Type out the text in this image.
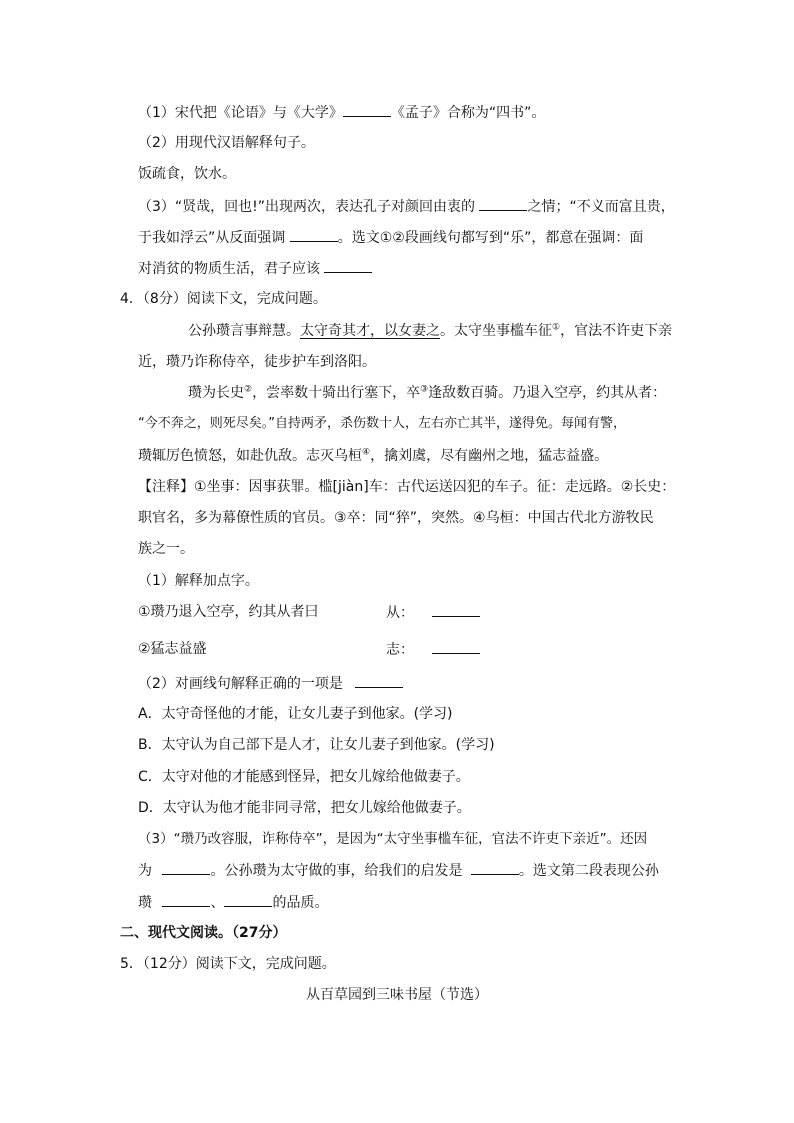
（1）宋代把《论语》与《大学》	《孟子》合称为“四书”。
（2）用现代汉语解释句子。
饭疏食，饮水。
（3）“贤哉，回也!”出现两次，表达孔子对颜回由衷的	之情；“不义而富且贵，
于我如浮云”从反面强调	。选文①②段画线句都写到“乐”，都意在强调：面
对消贫的物质生活，君子应该
4．（8分）阅读下文，完成问题。
公孙瓒言事辩慧。太守奇其才，以女妻之。太守坐事槛车征①，官法不许吏下亲
近，瓒乃诈称侍卒，徒步护车到洛阳。
瓒为长史②，尝率数十骑出行塞下，卒③逢敌数百骑。乃退入空亭，约其从者：
“今不奔之，则死尽矣。”自持两矛，杀伤数十人，左右亦亡其半，遂得免。每闻有警，
瓒辄厉色愤怒，如赴仇敌。志灭乌桓④，擒刘虞，尽有幽州之地，猛志益盛。
【注释】①坐事：因事获罪。槛[jiàn]车：古代运送囚犯的车子。征：走远路。②长史：
职官名，多为幕僚性质的官员。③卒：同“猝”，突然。④乌桓：中国古代北方游牧民
族之一。
（1）解释加点字。
①瓒乃退入空亭，约其从者曰	从：
②猛志益盛	志：
（2）对画线句解释正确的一项是
A．太守奇怪他的才能，让女儿妻子到他家。(学习)
B．太守认为自己部下是人才，让女儿妻子到他家。(学习)
C．太守对他的才能感到怪异，把女儿嫁给他做妻子。
D．太守认为他才能非同寻常，把女儿嫁给他做妻子。
（3）“瓒乃改容服，诈称侍卒”，是因为“太守坐事槛车征，官法不许吏下亲近”。还因
为	。公孙瓒为太守做的事，给我们的启发是	。选文第二段表现公孙
瓒	、	的品质。
二、现代文阅读。（27分）
5．（12分）阅读下文，完成问题。
从百草园到三味书屋（节选）
